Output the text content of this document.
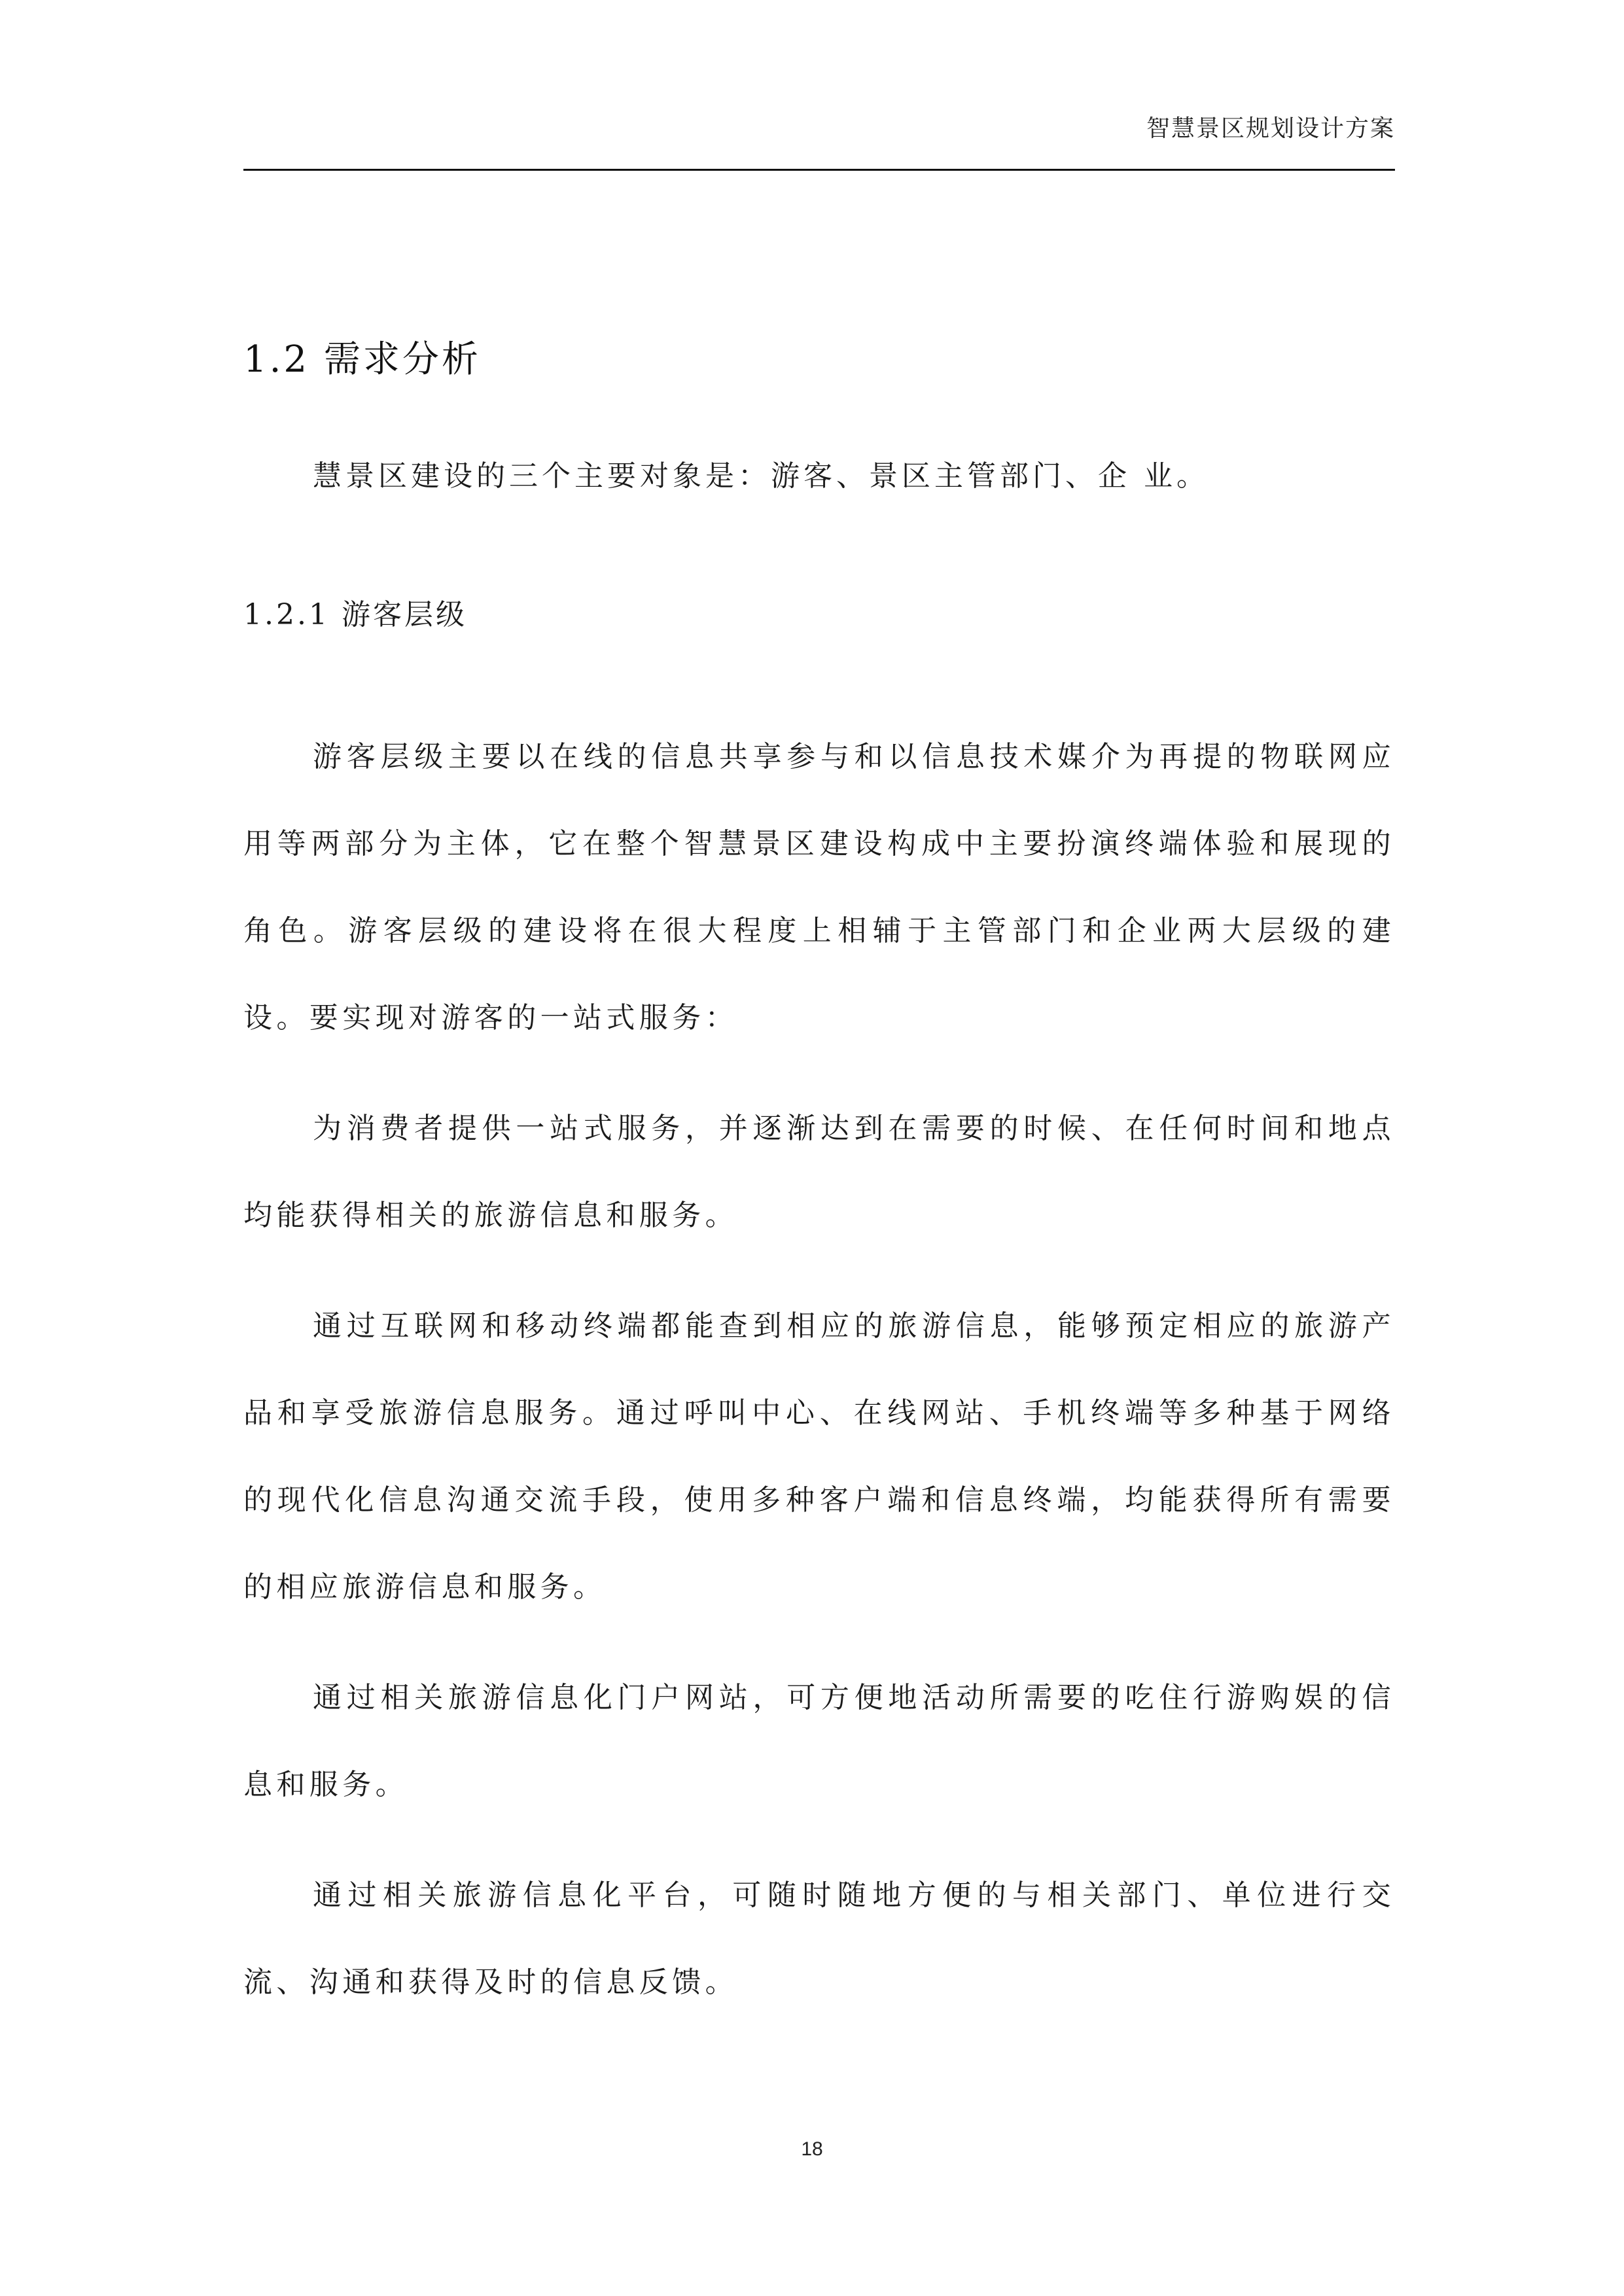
智慧景区规划设计方案
1.2 需求分析

慧景区建设的三个主要对象是：游客、景区主管部门、企 业。

1.2.1 游客层级

游客层级主要以在线的信息共享参与和以信息技术媒介为再提的物联网应用等两部分为主体，它在整个智慧景区建设构成中主要扮演终端体验和展现的角色。游客层级的建设将在很大程度上相辅于主管部门和企业两大层级的建设。要实现对游客的一站式服务：

为消费者提供一站式服务，并逐渐达到在需要的时候、在任何时间和地点均能获得相关的旅游信息和服务。

通过互联网和移动终端都能查到相应的旅游信息，能够预定相应的旅游产品和享受旅游信息服务。通过呼叫中心、在线网站、手机终端等多种基于网络的现代化信息沟通交流手段，使用多种客户端和信息终端，均能获得所有需要的相应旅游信息和服务。

通过相关旅游信息化门户网站，可方便地活动所需要的吃住行游购娱的信息和服务。

通过相关旅游信息化平台，可随时随地方便的与相关部门、单位进行交流、沟通和获得及时的信息反馈。

18
